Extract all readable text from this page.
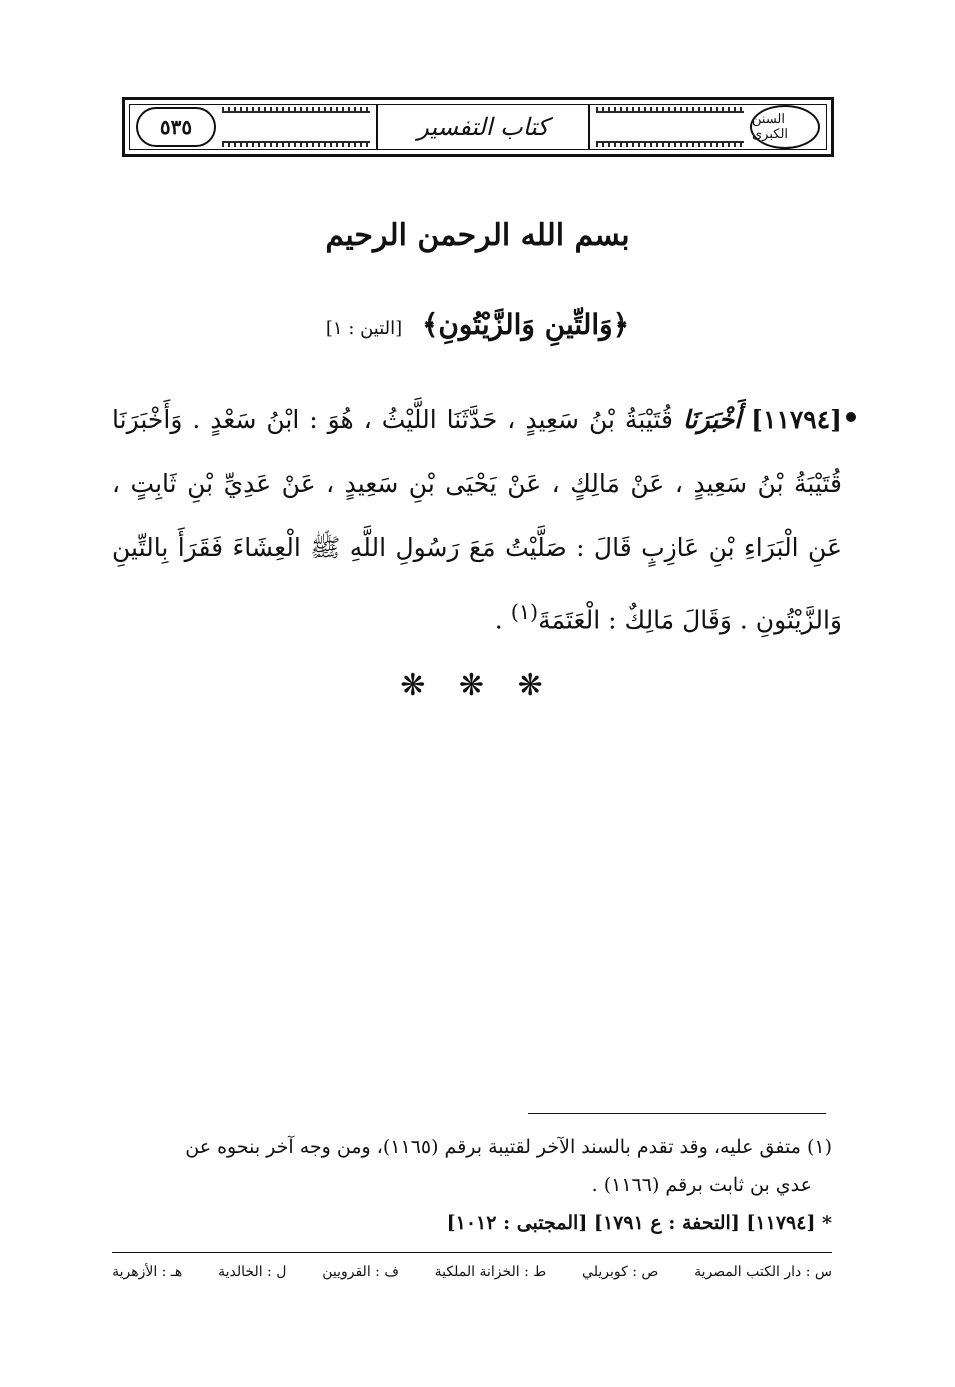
٥٣٥	كتاب التفسير	السنن الكبرى
بسم الله الرحمن الرحيم
﴿وَالتِّينِ وَالزَّيْتُونِ﴾ [التين : ١]
[١١٧٩٤] أَخْبَرَنَا قُتَيْبَةُ بْنُ سَعِيدٍ ، حَدَّثَنَا اللَّيْثُ ، هُوَ : ابْنُ سَعْدٍ . وَأَخْبَرَنَا قُتَيْبَةُ بْنُ سَعِيدٍ ، عَنْ مَالِكٍ ، عَنْ يَحْيَى بْنِ سَعِيدٍ ، عَنْ عَدِيِّ بْنِ ثَابِتٍ ، عَنِ الْبَرَاءِ بْنِ عَازِبٍ قَالَ : صَلَّيْتُ مَعَ رَسُولِ اللَّهِ ﷺ الْعِشَاءَ فَقَرَأَ بِالتِّينِ وَالزَّيْتُونِ . وَقَالَ مَالِكٌ : الْعَتَمَةَ$^{(١)}$ .
❋ ❋ ❋
(١) متفق عليه، وقد تقدم بالسند الآخر لقتيبة برقم (١١٦٥)، ومن وجه آخر بنحوه عن
عدي بن ثابت برقم (١١٦٦) .
* [١١٧٩٤] [التحفة : ع ١٧٩١] [المجتبى : ١٠١٢]
س : دار الكتب المصرية
ص : كوبريلي
ط : الخزانة الملكية
ف : القرويين
ل : الخالدية
هـ : الأزهرية
